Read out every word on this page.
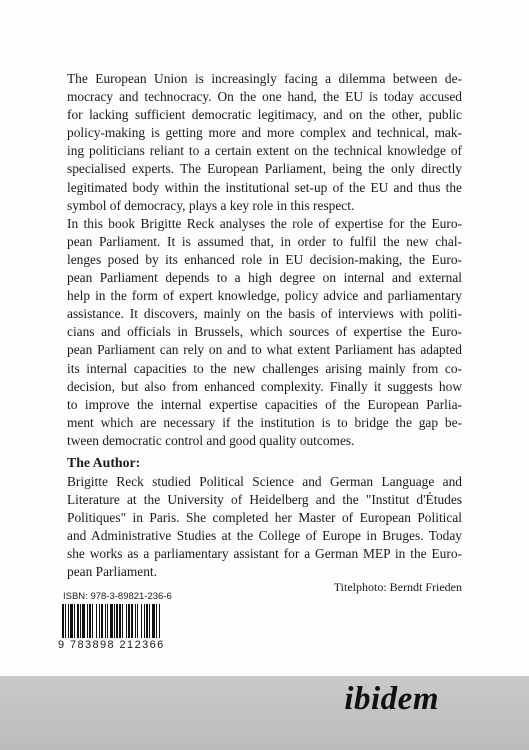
The European Union is increasingly facing a dilemma between de-
mocracy and technocracy. On the one hand, the EU is today accused
for lacking sufficient democratic legitimacy, and on the other, public
policy-making is getting more and more complex and technical, mak-
ing politicians reliant to a certain extent on the technical knowledge of
specialised experts. The European Parliament, being the only directly
legitimated body within the institutional set-up of the EU and thus the
symbol of democracy, plays a key role in this respect.
In this book Brigitte Reck analyses the role of expertise for the Euro-
pean Parliament. It is assumed that, in order to fulfil the new chal-
lenges posed by its enhanced role in EU decision-making, the Euro-
pean Parliament depends to a high degree on internal and external
help in the form of expert knowledge, policy advice and parliamentary
assistance. It discovers, mainly on the basis of interviews with politi-
cians and officials in Brussels, which sources of expertise the Euro-
pean Parliament can rely on and to what extent Parliament has adapted
its internal capacities to the new challenges arising mainly from co-
decision, but also from enhanced complexity. Finally it suggests how
to improve the internal expertise capacities of the European Parlia-
ment which are necessary if the institution is to bridge the gap be-
tween democratic control and good quality outcomes.
The Author:
Brigitte Reck studied Political Science and German Language and
Literature at the University of Heidelberg and the "Institut d'Études
Politiques" in Paris. She completed her Master of European Political
and Administrative Studies at the College of Europe in Bruges. Today
she works as a parliamentary assistant for a German MEP in the Euro-
pean Parliament.
Titelphoto: Berndt Frieden
ISBN: 978-3-89821-236-6
9 783898 212366
ibidem
